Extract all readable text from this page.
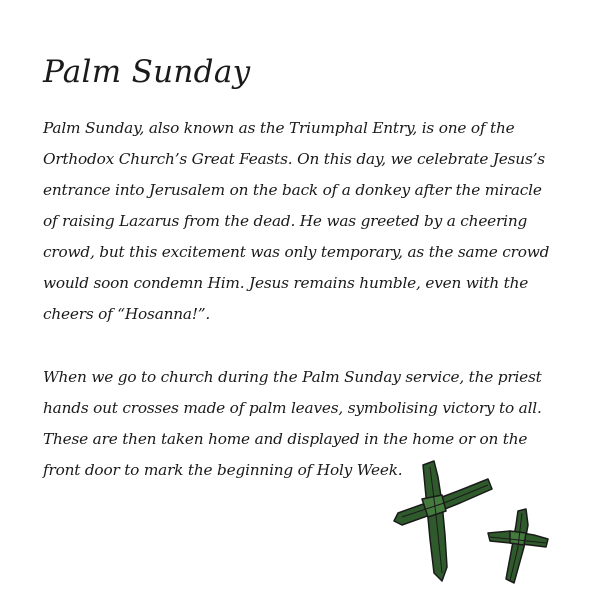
Palm Sunday

Palm Sunday, also known as the Triumphal Entry, is one of the
Orthodox Church’s Great Feasts. On this day, we celebrate Jesus’s
entrance into Jerusalem on the back of a donkey after the miracle
of raising Lazarus from the dead. He was greeted by a cheering
crowd, but this excitement was only temporary, as the same crowd
would soon condemn Him. Jesus remains humble, even with the
cheers of “Hosanna!”.

When we go to church during the Palm Sunday service, the priest
hands out crosses made of palm leaves, symbolising victory to all.
These are then taken home and displayed in the home or on the
front door to mark the beginning of Holy Week.
